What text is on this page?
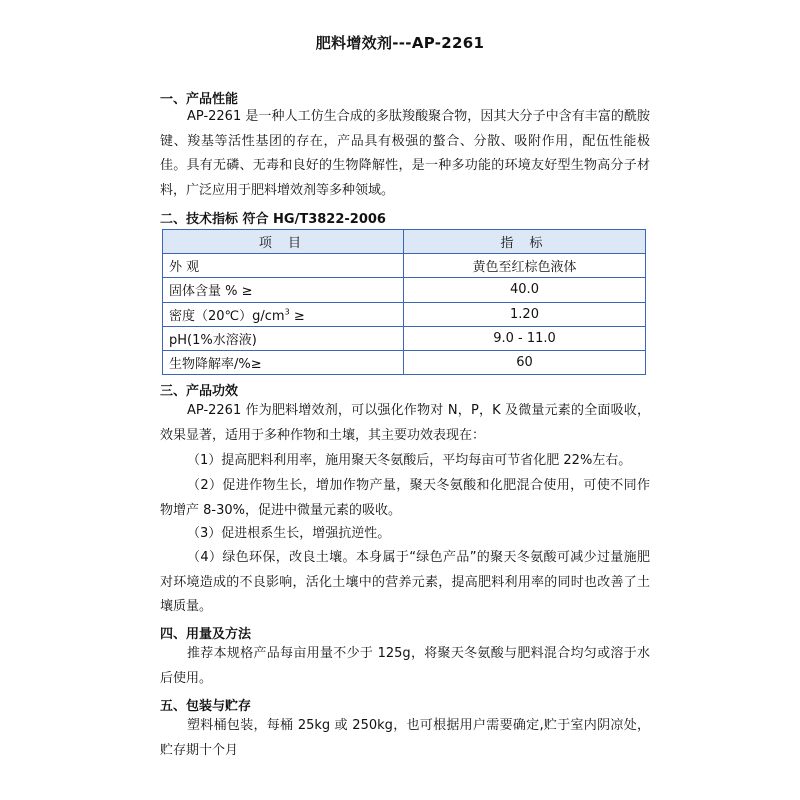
肥料增效剂---AP-2261
一、产品性能

AP-2261 是一种人工仿生合成的多肽羧酸聚合物，因其大分子中含有丰富的酰胺键、羧基等活性基团的存在，产品具有极强的螯合、分散、吸附作用，配伍性能极佳。具有无磷、无毒和良好的生物降解性，是一种多功能的环境友好型生物高分子材料，广泛应用于肥料增效剂等多种领域。

二、技术指标 符合 HG/T3822-2006
项 目	指 标
外 观	黄色至红棕色液体
固体含量 % ≥	40.0
密度$(20℃)g/cm^3$ ≥	1.20
pH(1%水溶液)	9.0 - 11.0
生物降解率/%≥	60
三、产品功效

AP-2261 作为肥料增效剂，可以强化作物对 N，P，K 及微量元素的全面吸收，效果显著，适用于多种作物和土壤，其主要功效表现在：

（1）提高肥料利用率，施用聚天冬氨酸后，平均每亩可节省化肥 22%左右。

（2）促进作物生长，增加作物产量，聚天冬氨酸和化肥混合使用，可使不同作物增产 8-30%，促进中微量元素的吸收。

（3）促进根系生长，增强抗逆性。

（4）绿色环保，改良土壤。本身属于“绿色产品”的聚天冬氨酸可减少过量施肥对环境造成的不良影响，活化土壤中的营养元素，提高肥料利用率的同时也改善了土壤质量。

四、用量及方法

推荐本规格产品每亩用量不少于 125g，将聚天冬氨酸与肥料混合均匀或溶于水后使用。

五、包装与贮存

塑料桶包装，每桶 25kg 或 250kg，也可根据用户需要确定,贮于室内阴凉处，贮存期十个月
